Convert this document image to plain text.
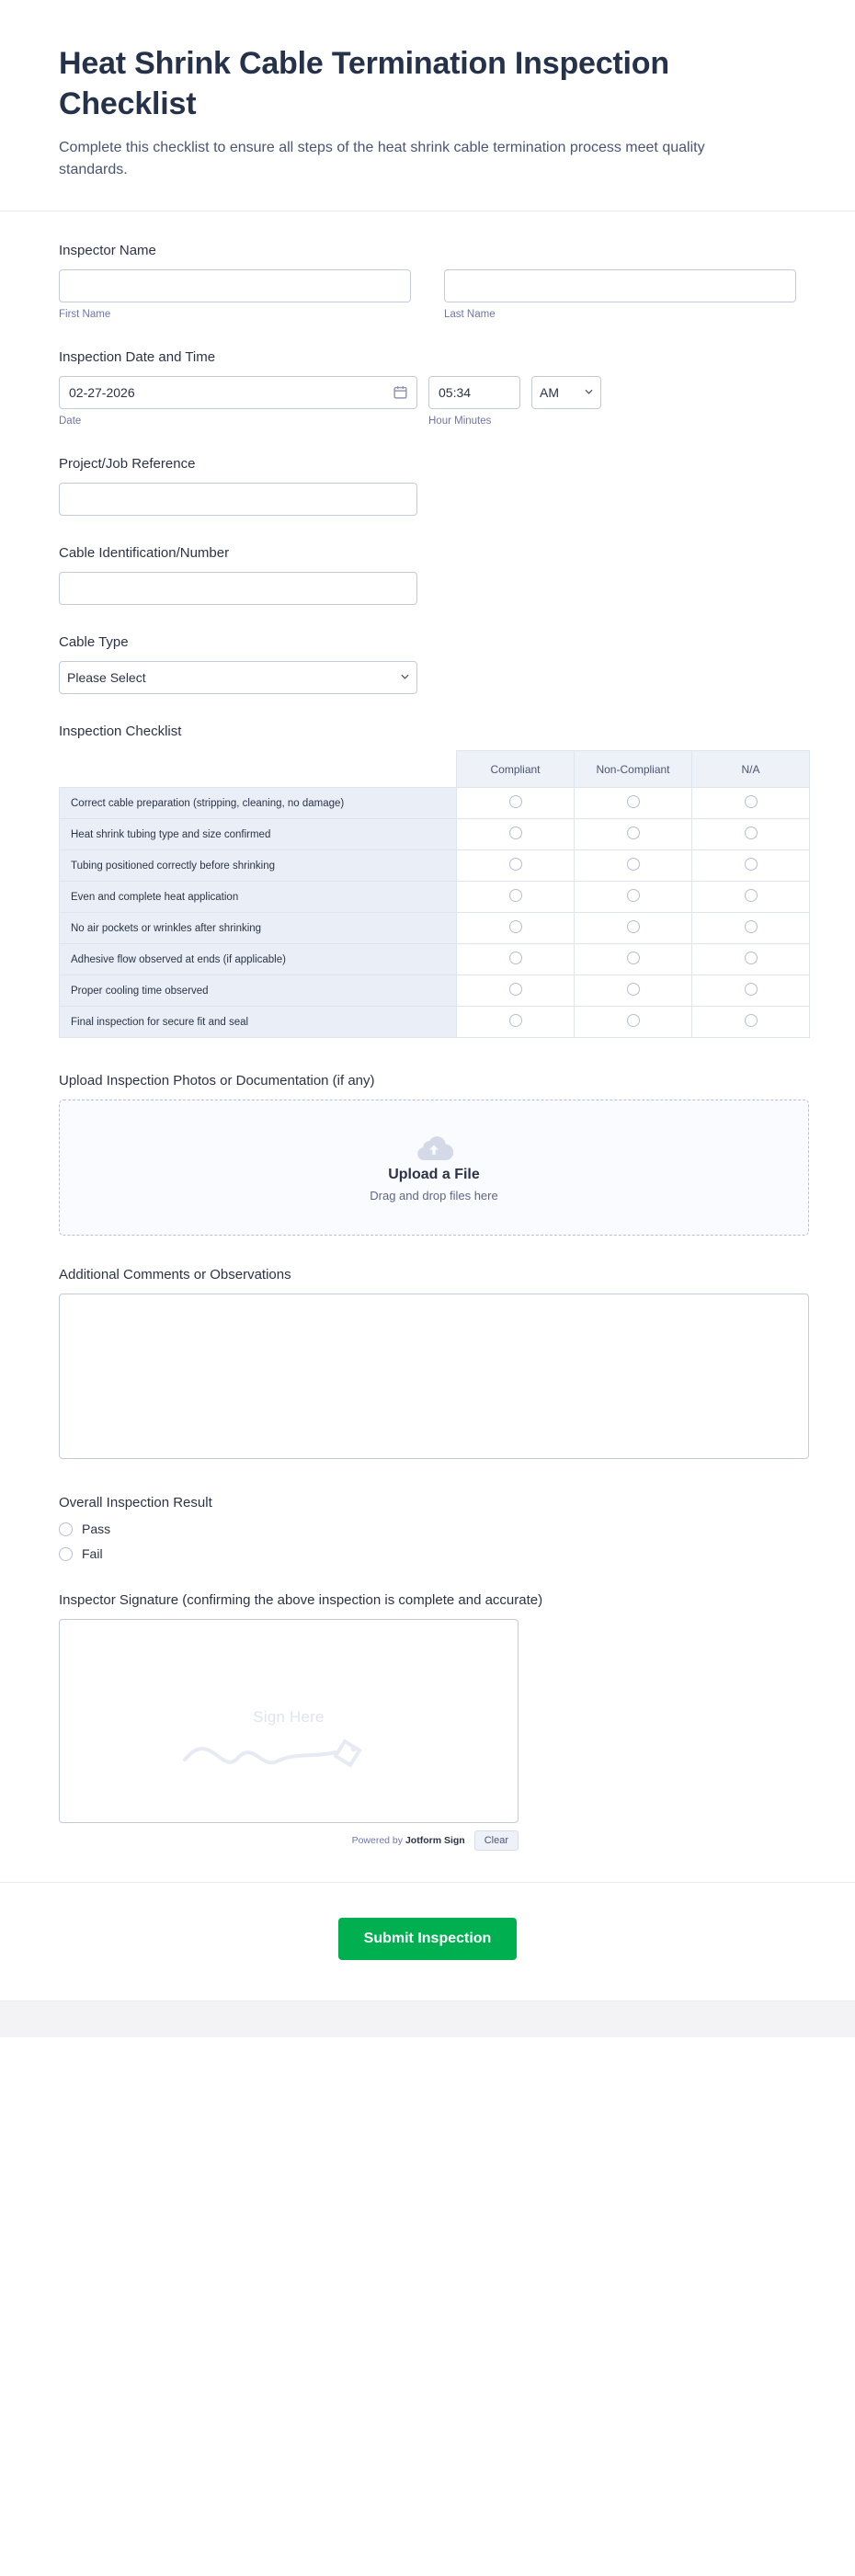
Heat Shrink Cable Termination Inspection Checklist

Complete this checklist to ensure all steps of the heat shrink cable termination process meet quality standards.

Inspector Name
First Name	Last Name
Inspection Date and Time
02-27-2026
Date
05:34	Hour Minutes
AM
Project/Job Reference
Cable Identification/Number
Cable Type
Please Select
Inspection Checklist
	Compliant	Non-Compliant	N/A
Correct cable preparation (stripping, cleaning, no damage)			
Heat shrink tubing type and size confirmed			
Tubing positioned correctly before shrinking			
Even and complete heat application			
No air pockets or wrinkles after shrinking			
Adhesive flow observed at ends (if applicable)			
Proper cooling time observed			
Final inspection for secure fit and seal			
Upload Inspection Photos or Documentation (if any)
Upload a File
Drag and drop files here
Additional Comments or Observations
Overall Inspection Result
Pass
Fail
Inspector Signature (confirming the above inspection is complete and accurate)
Sign Here
Powered by Jotform Sign	Clear
Submit Inspection
